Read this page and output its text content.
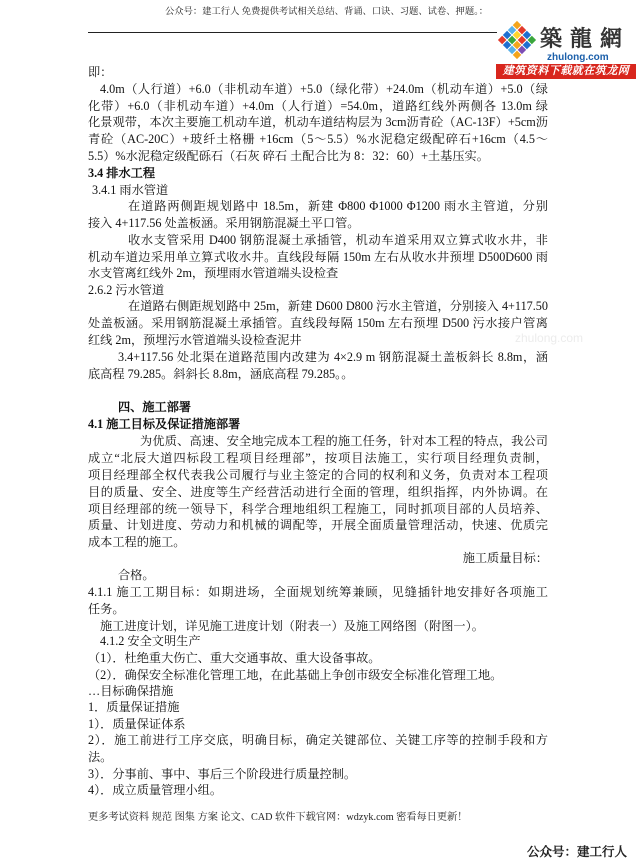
公众号：建工行人 免费提供考试相关总结、背诵、口诀、习题、试卷、押题。：
築龍網
zhulong.com
建筑资料下载就在筑龙网
zhulong.com
即：
4.0m（人行道）+6.0（非机动车道）+5.0（绿化带）+24.0m（机动车道）+5.0（绿
化带）+6.0（非机动车道）+4.0m（人行道）=54.0m，道路红线外两侧各 13.0m 绿
化景观带，本次主要施工机动车道，机动车道结构层为 3cm沥青砼（AC-13F）+5cm沥
青砼（AC-20C）+玻纤土格栅 +16cm（5～5.5）%水泥稳定级配碎石+16cm（4.5～
5.5）%水泥稳定级配砾石（石灰 碎石 土配合比为 8：32：60）+土基压实。
3.4 排水工程
3.4.1 雨水管道
在道路两侧距规划路中 18.5m，新建 Φ800 Φ1000 Φ1200 雨水主管道，分别
接入 4+117.56 处盖板涵。采用钢筋混凝土平口管。
收水支管采用 D400 钢筋混凝土承插管，机动车道采用双立算式收水井，非
机动车道边采用单立算式收水井。直线段每隔 150m 左右从收水井预埋 D500D600 雨
水支管离红线外 2m，预埋雨水管道端头设检查
2.6.2 污水管道
在道路右侧距规划路中 25m，新建 D600 D800 污水主管道，分别接入 4+117.50
处盖板涵。采用钢筋混凝土承插管。直线段每隔 150m 左右预埋 D500 污水接户管离
红线 2m，预埋污水管道端头设检查泥井
3.4+117.56 处北渠在道路范围内改建为 4×2.9 m 钢筋混凝土盖板斜长 8.8m，涵
底高程 79.285。斜斜长 8.8m，涵底高程 79.285。。
四、施工部署
4.1 施工目标及保证措施部署
为优质、高速、安全地完成本工程的施工任务，针对本工程的特点，我公司
成立“北辰大道四标段工程项目经理部”，按项目法施工，实行项目经理负责制，
项目经理部全权代表我公司履行与业主签定的合同的权利和义务，负责对本工程项
目的质量、安全、进度等生产经营活动进行全面的管理，组织指挥，内外协调。在
项目经理部的统一领导下，科学合理地组织工程施工，同时抓项目部的人员培养、
质量、计划进度、劳动力和机械的调配等，开展全面质量管理活动，快速、优质完
成本工程的施工。
施工质量目标：
合格。
4.1.1 施工工期目标：如期进场，全面规划统筹兼顾，见缝插针地安排好各项施工
任务。
施工进度计划，详见施工进度计划（附表一）及施工网络图（附图一）。
4.1.2 安全文明生产
（1）．杜绝重大伤亡、重大交通事故、重大设备事故。
（2）．确保安全标准化管理工地，在此基础上争创市级安全标准化管理工地。
…目标确保措施
1．质量保证措施
1）．质量保证体系
2）．施工前进行工序交底，明确目标，确定关键部位、关键工序等的控制手段和方
法。
3）．分事前、事中、事后三个阶段进行质量控制。
4）．成立质量管理小组。
更多考试资料 规范 图集 方案 论文、CAD 软件下载官网：wdzyk.com 密看每日更新！
公众号：建工行人
